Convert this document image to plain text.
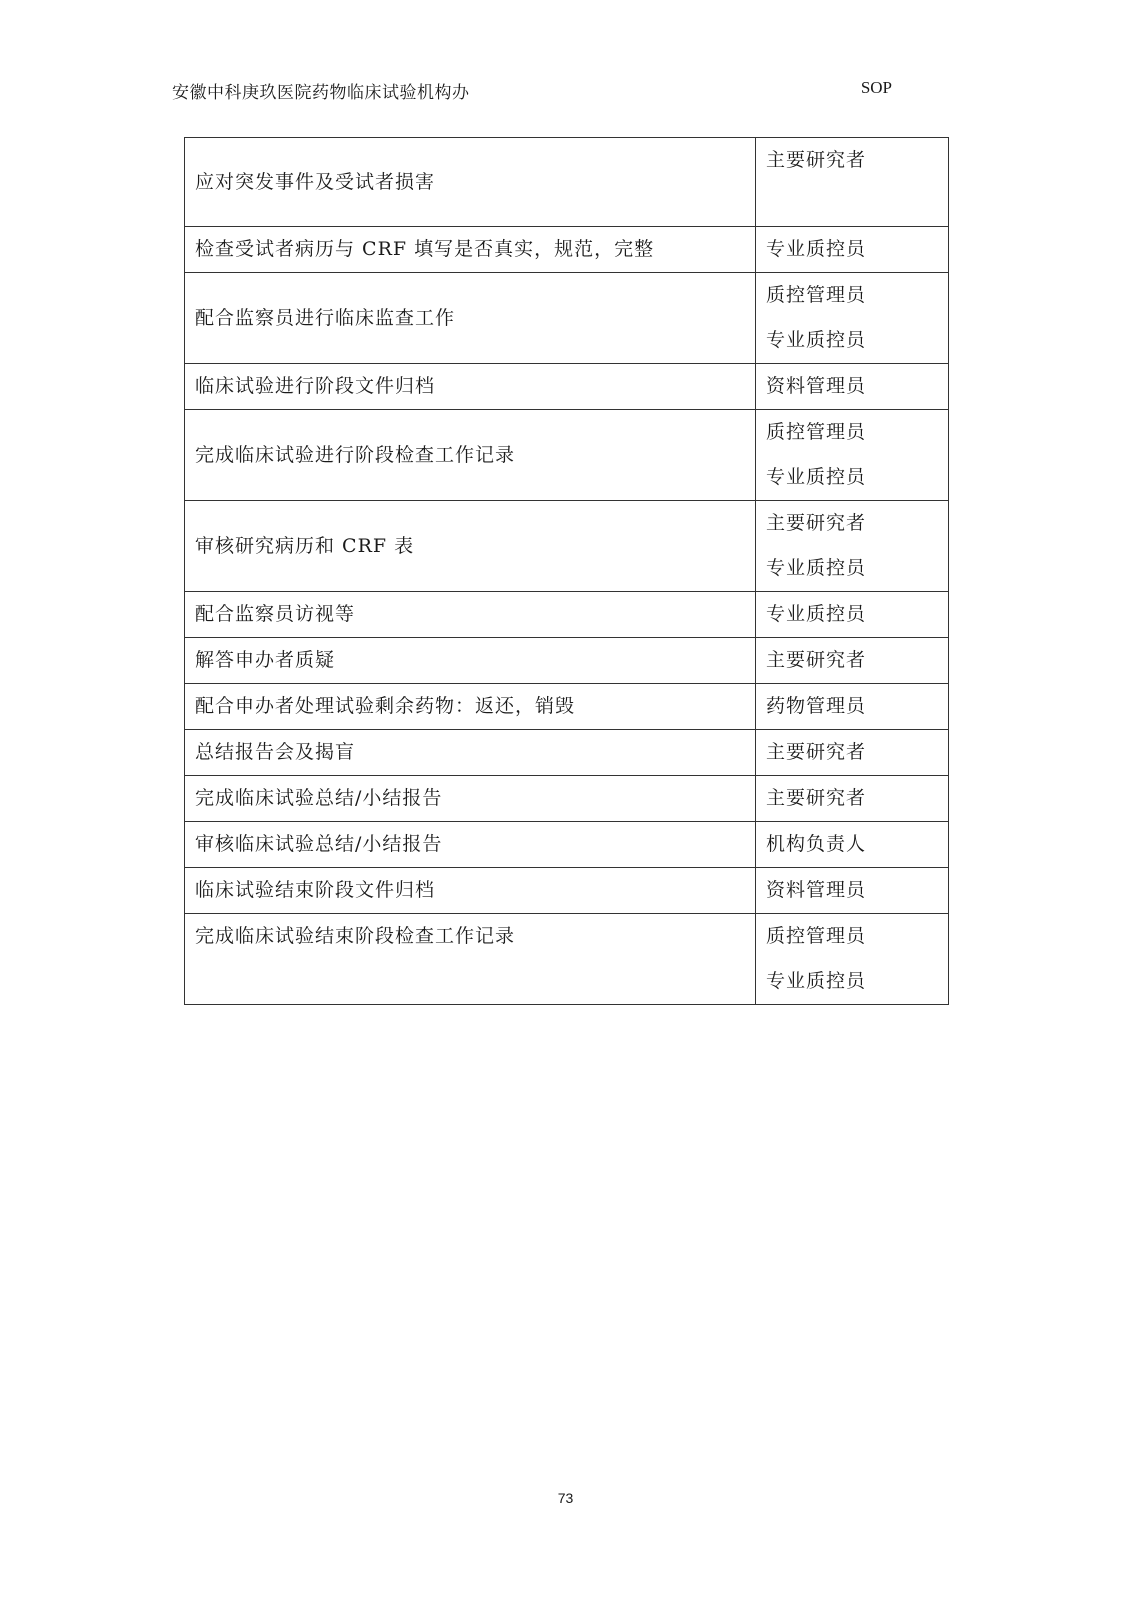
安徽中科庚玖医院药物临床试验机构办	SOP
应对突发事件及受试者损害	主要研究者

检查受试者病历与 CRF 填写是否真实，规范，完整	专业质控员
配合监察员进行临床监查工作	质控管理员
专业质控员

临床试验进行阶段文件归档	资料管理员
完成临床试验进行阶段检查工作记录	质控管理员
专业质控员

审核研究病历和 CRF 表	主要研究者
专业质控员

配合监察员访视等	专业质控员
解答申办者质疑	主要研究者
配合申办者处理试验剩余药物：返还，销毁	药物管理员
总结报告会及揭盲	主要研究者
完成临床试验总结/小结报告	主要研究者
审核临床试验总结/小结报告	机构负责人
临床试验结束阶段文件归档	资料管理员
完成临床试验结束阶段检查工作记录	质控管理员
专业质控员
73
